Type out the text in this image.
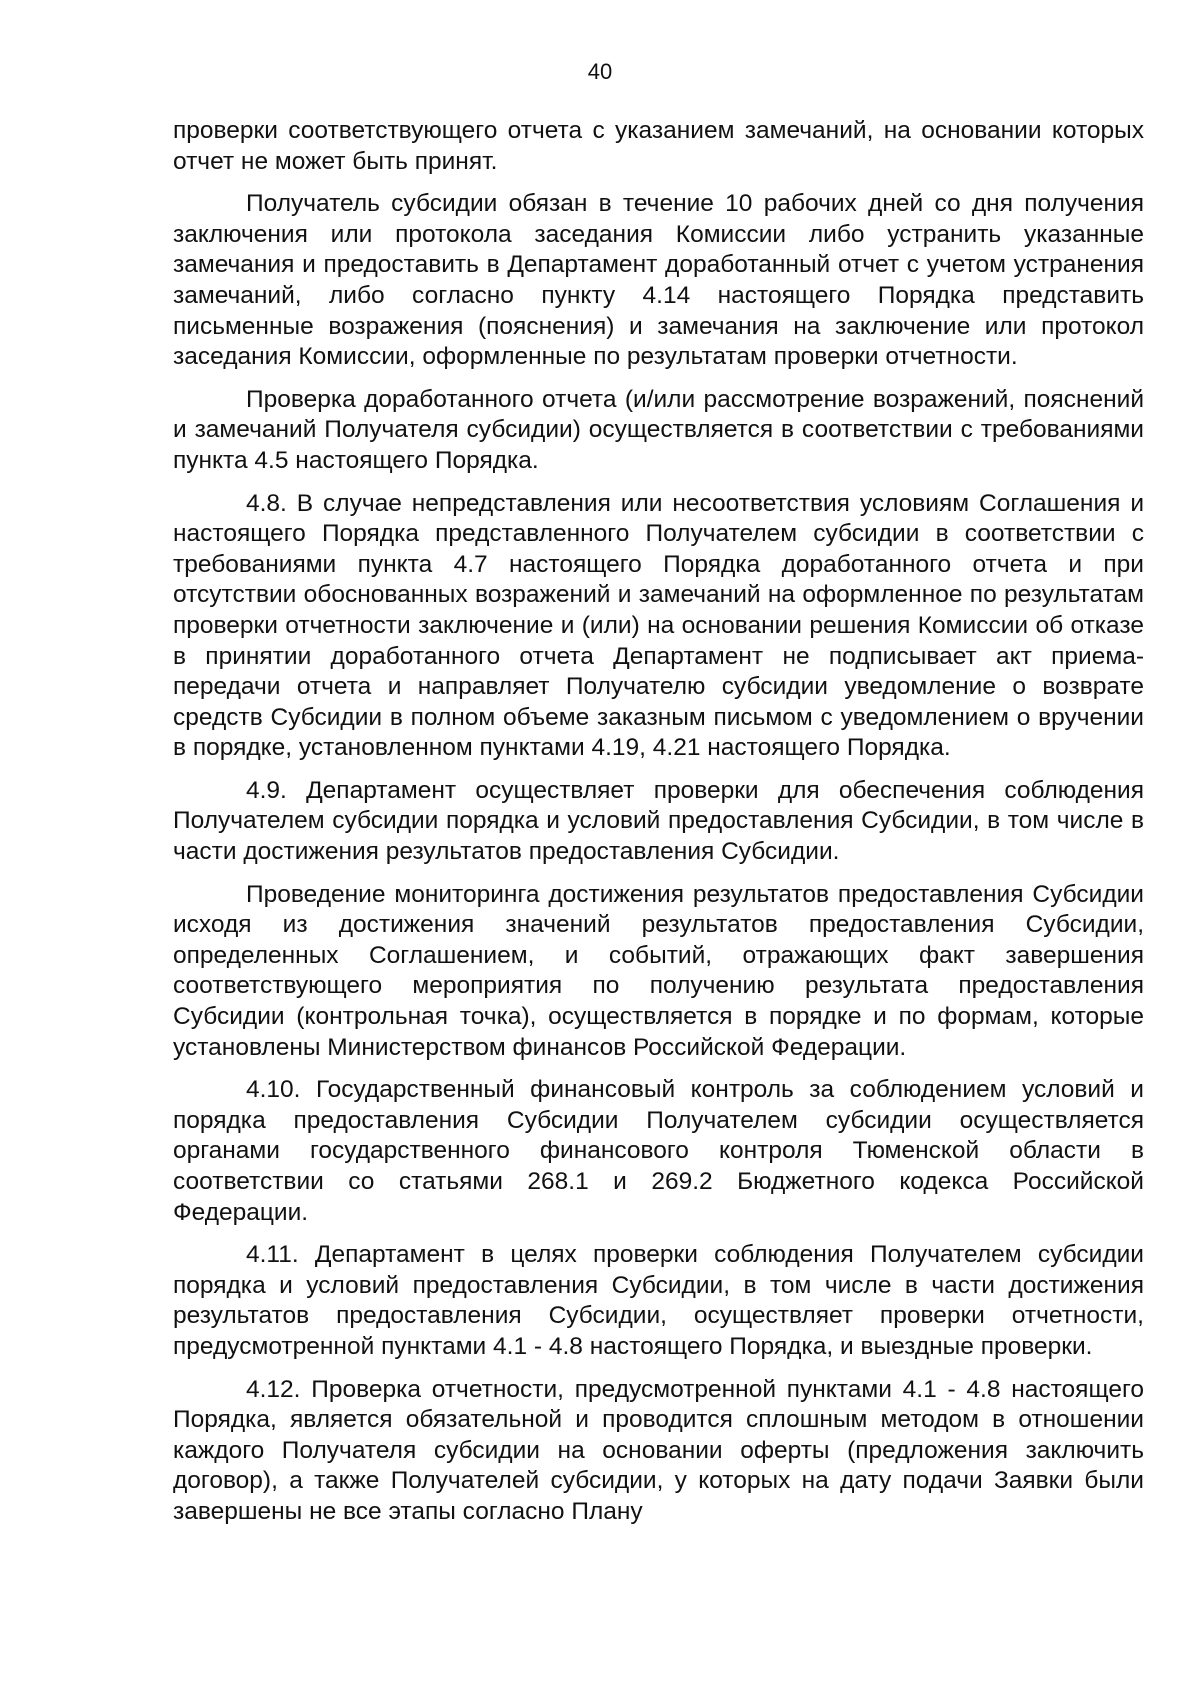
40

проверки соответствующего отчета с указанием замечаний, на основании которых отчет не может быть принят.

Получатель субсидии обязан в течение 10 рабочих дней со дня получения заключения или протокола заседания Комиссии либо устранить указанные замечания и предоставить в Департамент доработанный отчет с учетом устранения замечаний, либо согласно пункту 4.14 настоящего Порядка представить письменные возражения (пояснения) и замечания на заключение или протокол заседания Комиссии, оформленные по результатам проверки отчетности.

Проверка доработанного отчета (и/или рассмотрение возражений, пояснений и замечаний Получателя субсидии) осуществляется в соответствии с требованиями пункта 4.5 настоящего Порядка.

4.8. В случае непредставления или несоответствия условиям Соглашения и настоящего Порядка представленного Получателем субсидии в соответствии с требованиями пункта 4.7 настоящего Порядка доработанного отчета и при отсутствии обоснованных возражений и замечаний на оформленное по результатам проверки отчетности заключение и (или) на основании решения Комиссии об отказе в принятии доработанного отчета Департамент не подписывает акт приема-передачи отчета и направляет Получателю субсидии уведомление о возврате средств Субсидии в полном объеме заказным письмом с уведомлением о вручении в порядке, установленном пунктами 4.19, 4.21 настоящего Порядка.

4.9. Департамент осуществляет проверки для обеспечения соблюдения Получателем субсидии порядка и условий предоставления Субсидии, в том числе в части достижения результатов предоставления Субсидии.

Проведение мониторинга достижения результатов предоставления Субсидии исходя из достижения значений результатов предоставления Субсидии, определенных Соглашением, и событий, отражающих факт завершения соответствующего мероприятия по получению результата предоставления Субсидии (контрольная точка), осуществляется в порядке и по формам, которые установлены Министерством финансов Российской Федерации.

4.10. Государственный финансовый контроль за соблюдением условий и порядка предоставления Субсидии Получателем субсидии осуществляется органами государственного финансового контроля Тюменской области в соответствии со статьями 268.1 и 269.2 Бюджетного кодекса Российской Федерации.

4.11. Департамент в целях проверки соблюдения Получателем субсидии порядка и условий предоставления Субсидии, в том числе в части достижения результатов предоставления Субсидии, осуществляет проверки отчетности, предусмотренной пунктами 4.1 - 4.8 настоящего Порядка, и выездные проверки.

4.12. Проверка отчетности, предусмотренной пунктами 4.1 - 4.8 настоящего Порядка, является обязательной и проводится сплошным методом в отношении каждого Получателя субсидии на основании оферты (предложения заключить договор), а также Получателей субсидии, у которых на дату подачи Заявки были завершены не все этапы согласно Плану
